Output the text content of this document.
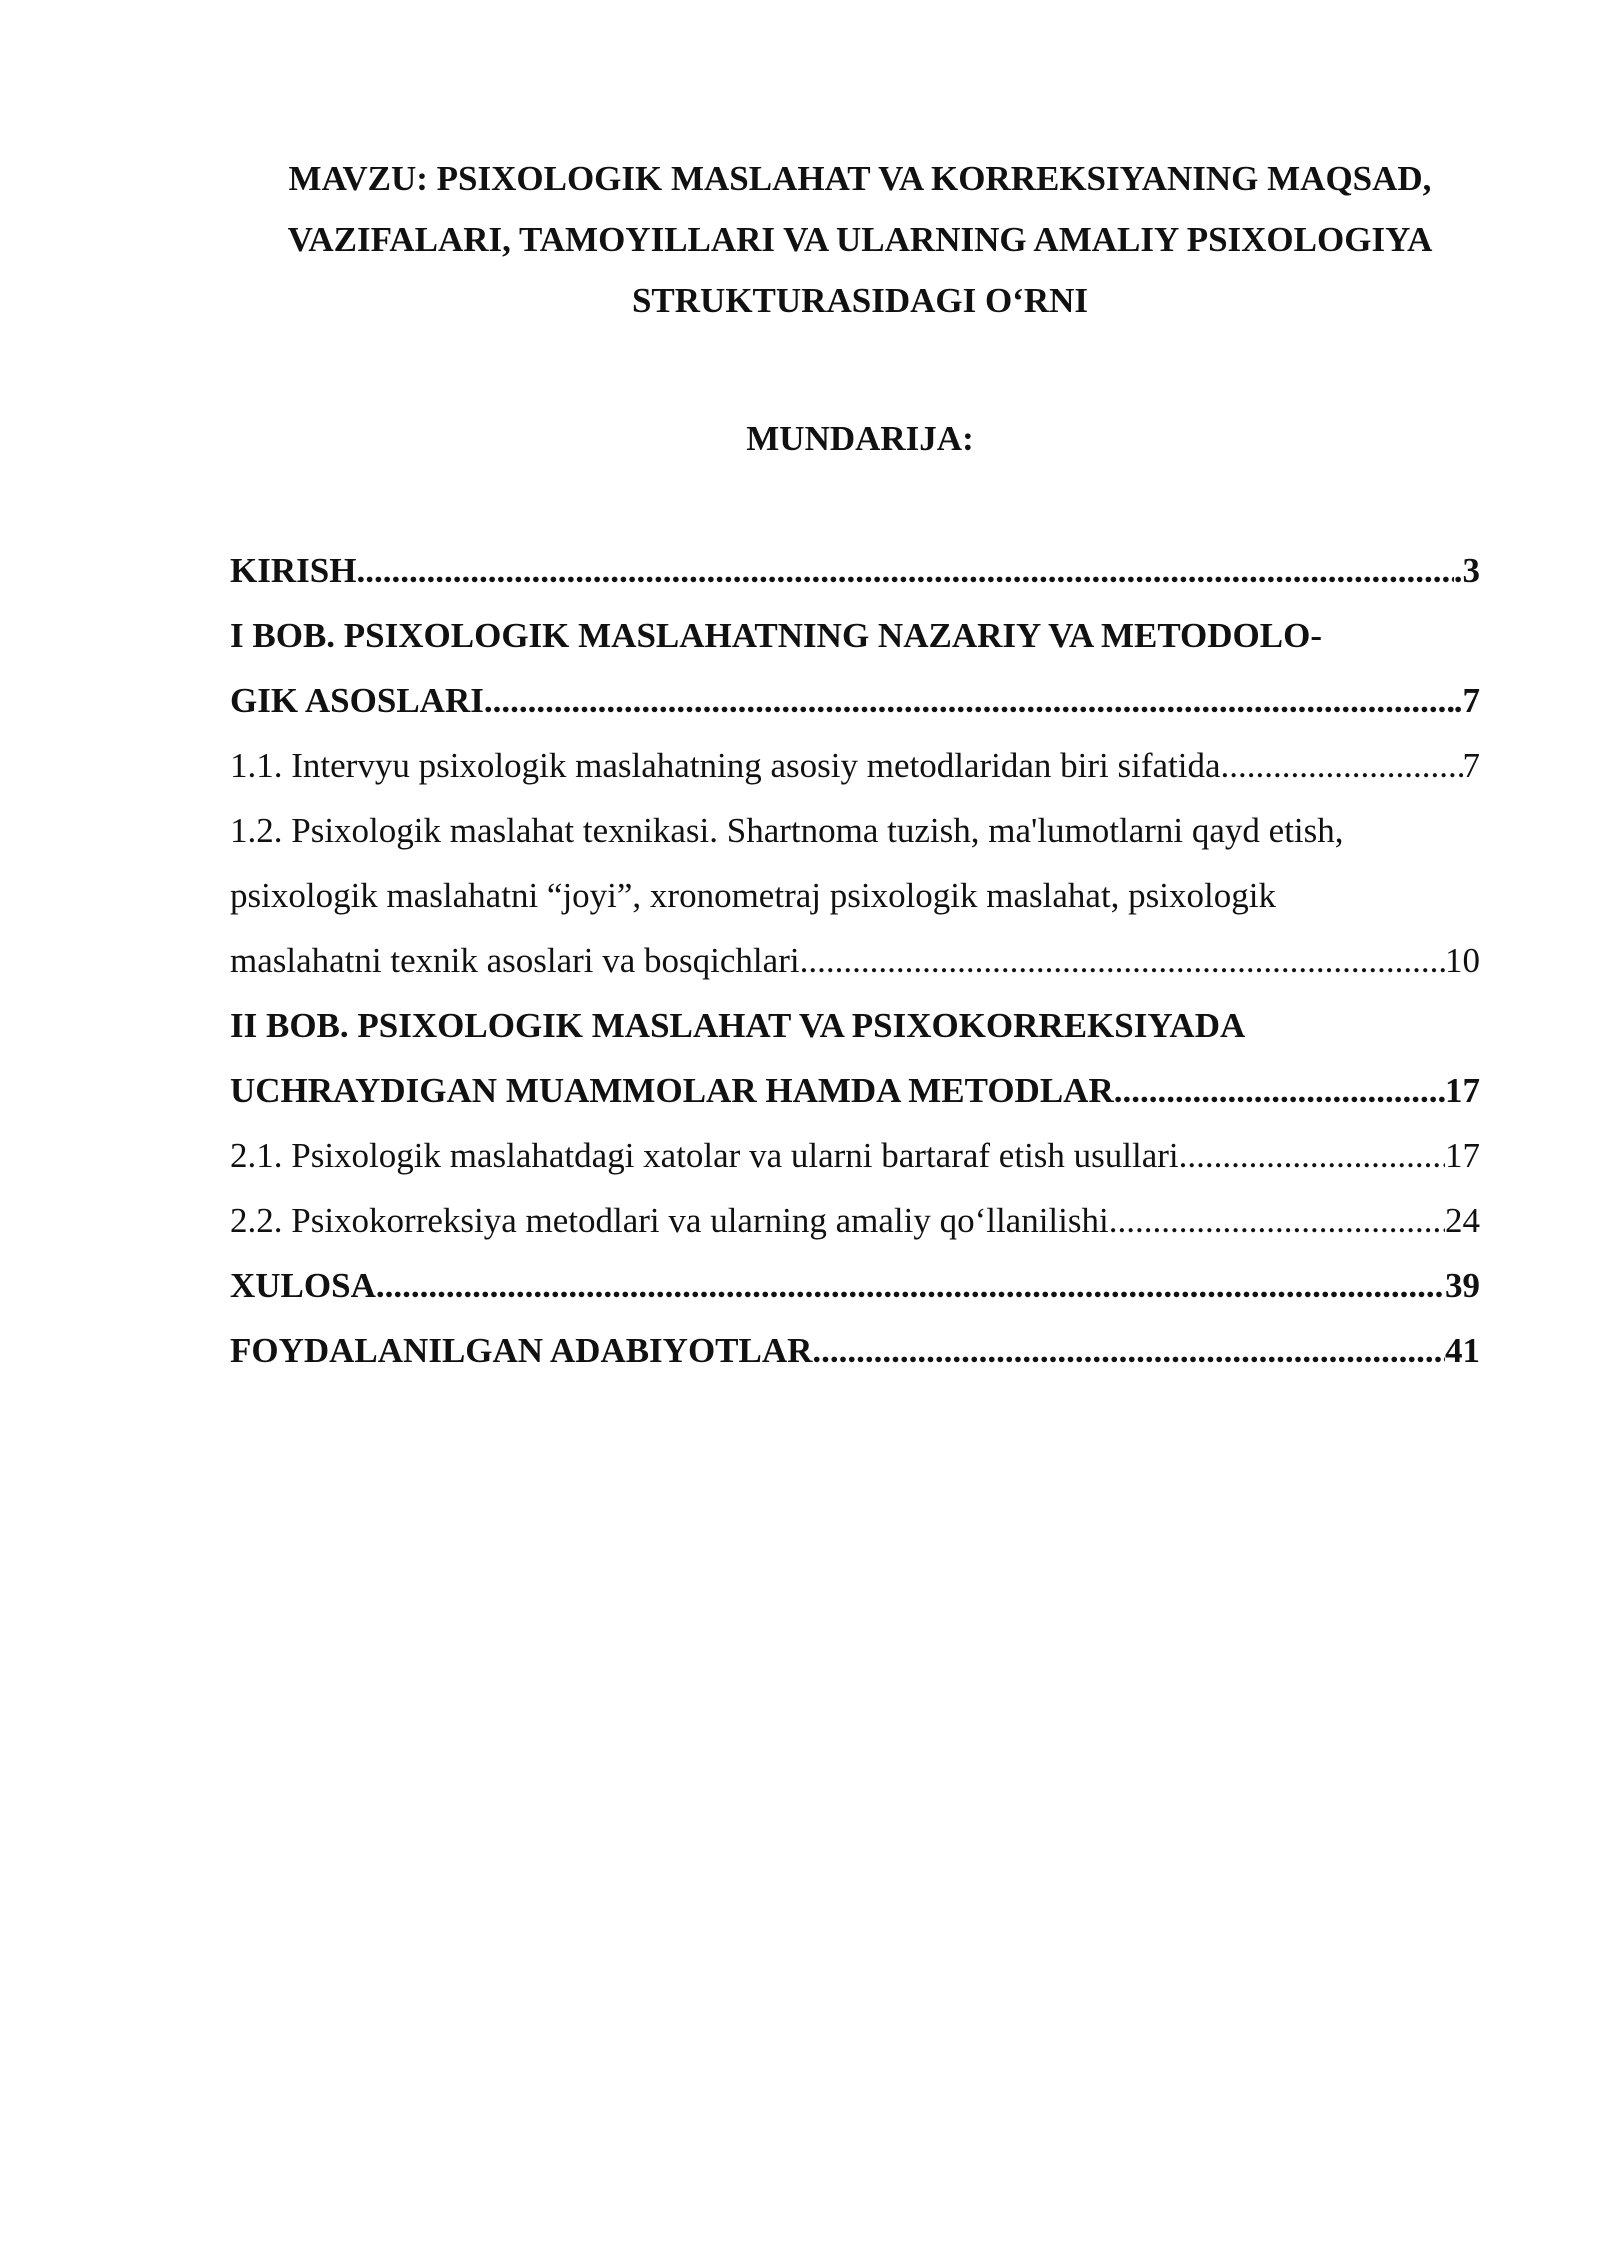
MAVZU: PSIXOLOGIK MASLAHAT VA KORREKSIYANING MAQSAD,
VAZIFALARI, TAMOYILLARI VA ULARNING AMALIY PSIXOLOGIYA
STRUKTURASIDAGI O‘RNI
MUNDARIJA:
KIRISH .....	.3
I BOB. PSIXOLOGIK MASLAHATNING NAZARIY VA METODOLO-
GIK ASOSLARI .....	.7
1.1. Intervyu psixologik maslahatning asosiy metodlaridan biri sifatida .....	7
1.2. Psixologik maslahat texnikasi. Shartnoma tuzish, ma'lumotlarni qayd etish,
psixologik maslahatni “joyi”, xronometraj psixologik maslahat, psixologik
maslahatni texnik asoslari va bosqichlari .....	10
II BOB. PSIXOLOGIK MASLAHAT VA PSIXOKORREKSIYADA
UCHRAYDIGAN MUAMMOLAR HAMDA METODLAR .....	17
2.1. Psixologik maslahatdagi xatolar va ularni bartaraf etish usullari .....	17
2.2. Psixokorreksiya metodlari va ularning amaliy qo‘llanilishi .....	24
XULOSA .....	39
FOYDALANILGAN ADABIYOTLAR .....	41
